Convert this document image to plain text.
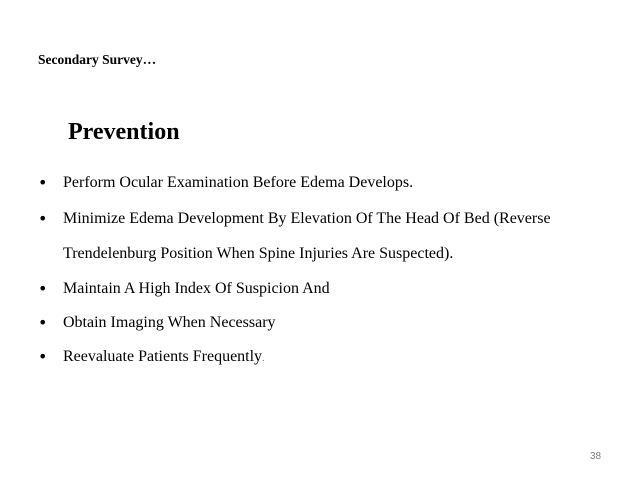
Secondary Survey…
Prevention
• Perform Ocular Examination Before Edema Develops.
• Minimize Edema Development By Elevation Of The Head Of Bed (Reverse Trendelenburg Position When Spine Injuries Are Suspected).
• Maintain A High Index Of Suspicion And
• Obtain Imaging When Necessary
• Reevaluate Patients Frequently.
38
